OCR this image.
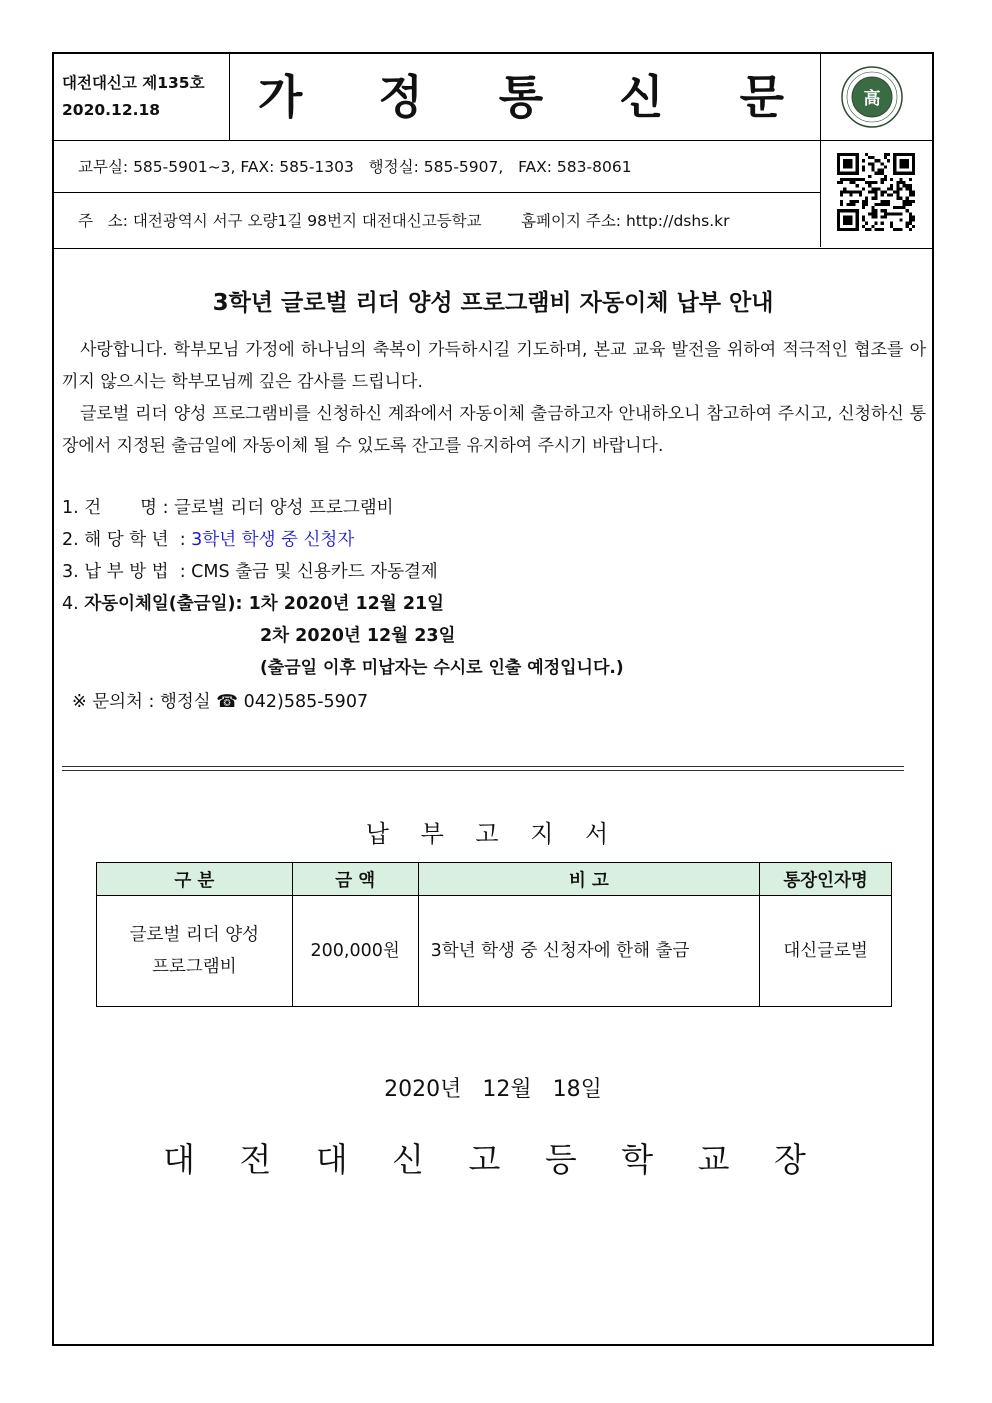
대전대신고 제135호
2020.12.18	가 정 통 신 문	高
교무실: 585-5901~3, FAX: 585-1303   행정실: 585-5907,   FAX: 583-8061
주   소: 대전광역시 서구 오량1길 98번지 대전대신고등학교        홈페이지 주소: http://dshs.kr
3학년 글로벌 리더 양성 프로그램비 자동이체 납부 안내
사랑합니다. 학부모님 가정에 하나님의 축복이 가득하시길 기도하며, 본교 교육 발전을 위하여 적극적인 협조를 아끼지 않으시는 학부모님께 깊은 감사를 드립니다.
글로벌 리더 양성 프로그램비를 신청하신 계좌에서 자동이체 출금하고자 안내하오니 참고하여 주시고, 신청하신 통장에서 지정된 출금일에 자동이체 될 수 있도록 잔고를 유지하여 주시기 바랍니다.
1. 건       명 : 글로벌 리더 양성 프로그램비
2. 해 당 학 년  : 3학년 학생 중 신청자
3. 납 부 방 법  : CMS 출금 및 신용카드 자동결제
4. 자동이체일(출금일): 1차 2020년 12월 21일
2차 2020년 12월 23일
(출금일 이후 미납자는 수시로 인출 예정입니다.)
※ 문의처 : 행정실 ☎ 042)585-5907
납 부 고 지 서
구 분	금 액	비 고	통장인자명

글로벌 리더 양성
프로그램비	200,000원	3학년 학생 중 신청자에 한해 출금	대신글로벌
2020년   12월   18일
대 전 대 신 고 등 학 교 장
